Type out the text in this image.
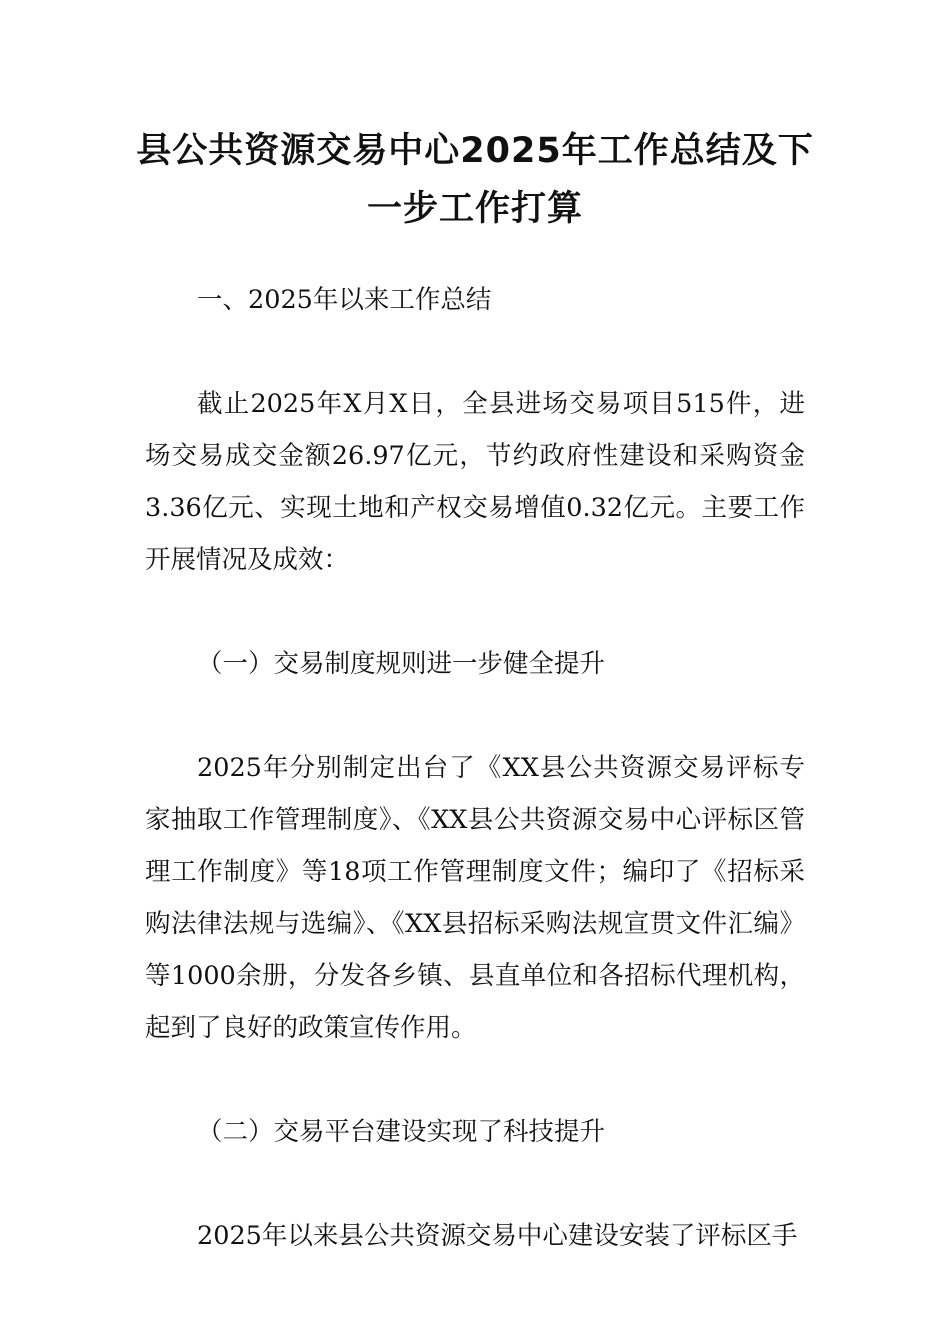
县公共资源交易中心2025年工作总结及下一步工作打算

一、2025年以来工作总结

截止2025年X月X日，全县进场交易项目515件，进场交易成交金额26.97亿元，节约政府性建设和采购资金3.36亿元、实现土地和产权交易增值0.32亿元。主要工作开展情况及成效：

（一）交易制度规则进一步健全提升

2025年分别制定出台了《XX县公共资源交易评标专家抽取工作管理制度》、《XX县公共资源交易中心评标区管理工作制度》等18项工作管理制度文件；编印了《招标采购法律法规与选编》、《XX县招标采购法规宣贯文件汇编》等1000余册，分发各乡镇、县直单位和各招标代理机构，起到了良好的政策宣传作用。

（二）交易平台建设实现了科技提升

2025年以来县公共资源交易中心建设安装了评标区手
